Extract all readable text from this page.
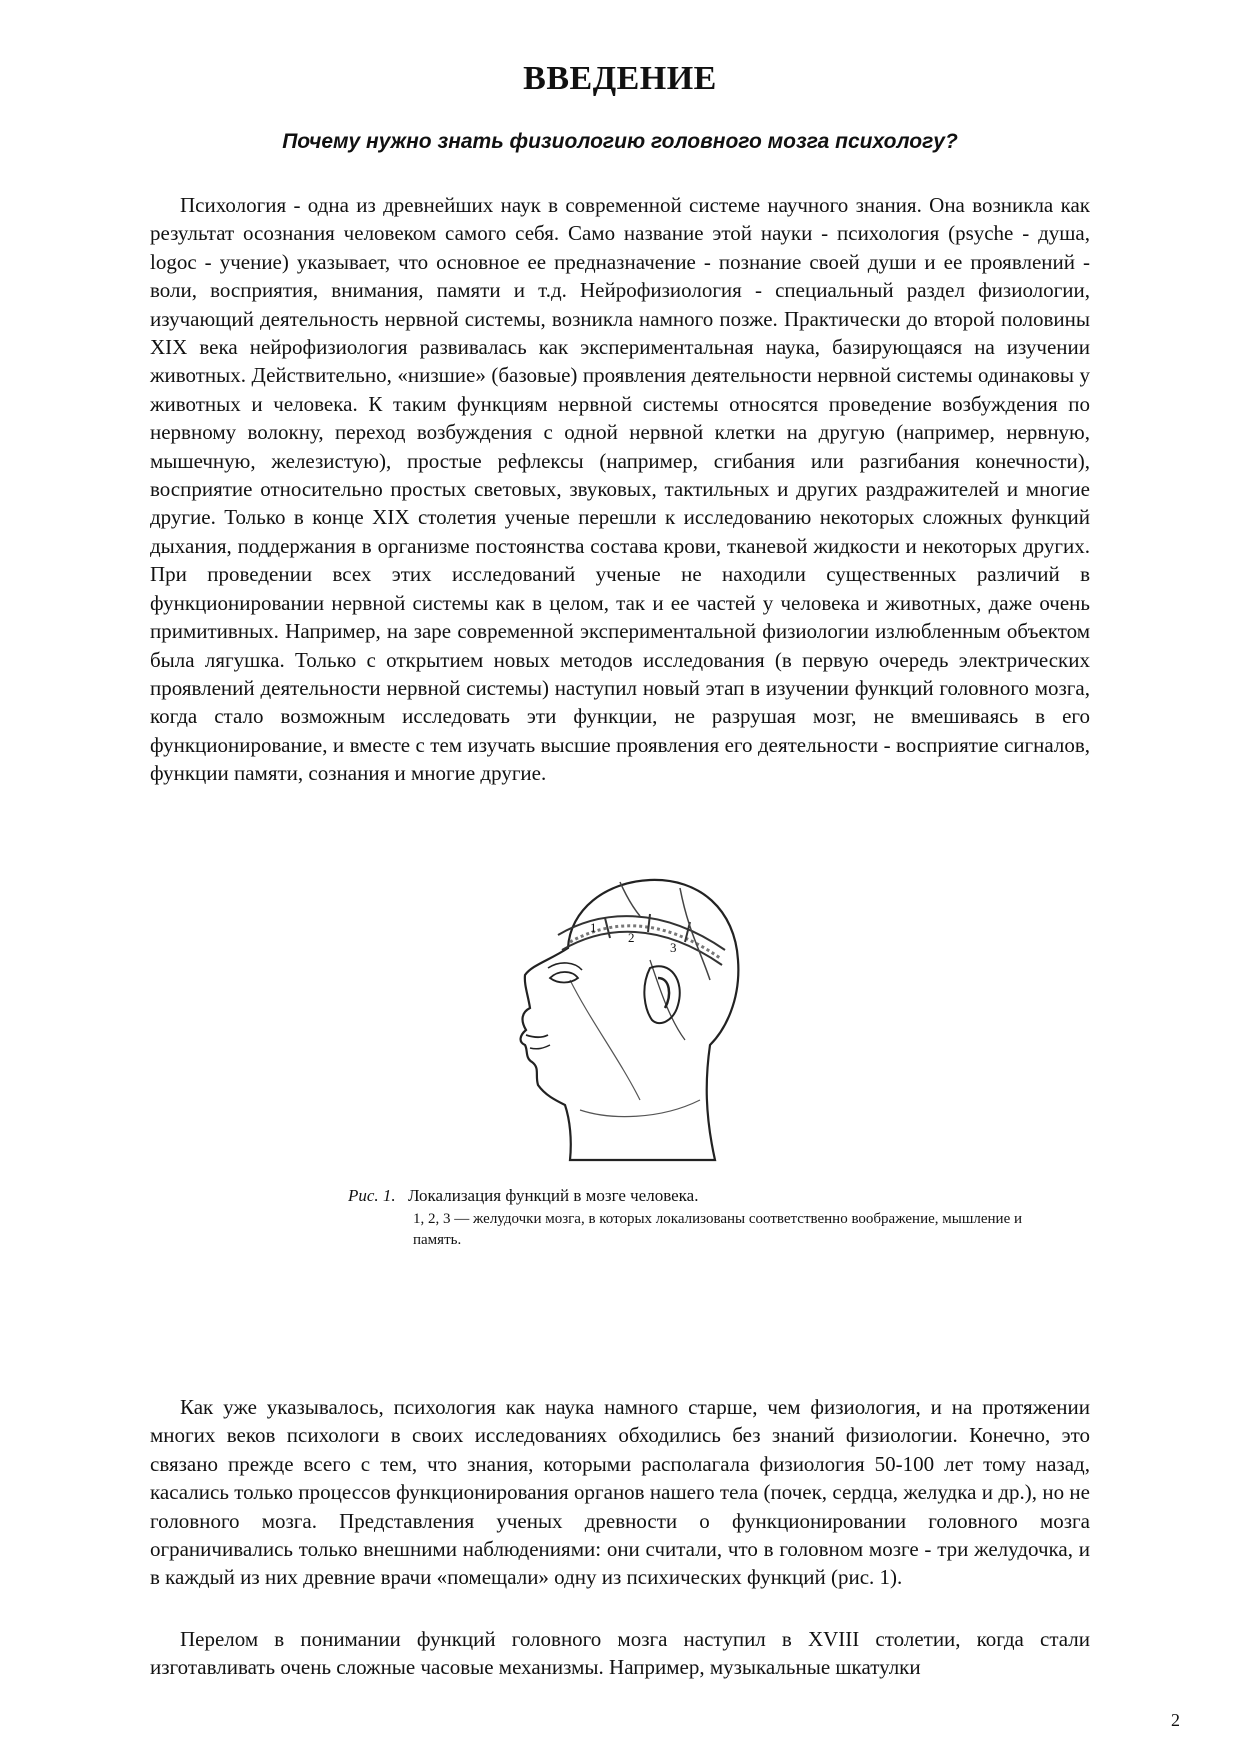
ВВЕДЕНИЕ
Почему нужно знать физиологию головного мозга психологу?

Психология - одна из древнейших наук в современной системе научного знания. Она возникла как результат осознания человеком самого себя. Само название этой науки - психология (psyche - душа, logoc - учение) указывает, что основное ее предназначение - познание своей души и ее проявлений - воли, восприятия, внимания, памяти и т.д. Нейрофизиология - специальный раздел физиологии, изучающий деятельность нервной системы, возникла намного позже. Практически до второй половины XIX века нейрофизиология развивалась как экспериментальная наука, базирующаяся на изучении животных. Действительно, «низшие» (базовые) проявления деятельности нервной системы одинаковы у животных и человека. К таким функциям нервной системы относятся проведение возбуждения по нервному волокну, переход возбуждения с одной нервной клетки на другую (например, нервную, мышечную, железистую), простые рефлексы (например, сгибания или разгибания конечности), восприятие относительно простых световых, звуковых, тактильных и других раздражителей и многие другие. Только в конце XIX столетия ученые перешли к исследованию некоторых сложных функций дыхания, поддержания в организме постоянства состава крови, тканевой жидкости и некоторых других. При проведении всех этих исследований ученые не находили существенных различий в функционировании нервной системы как в целом, так и ее частей у человека и животных, даже очень примитивных. Например, на заре современной экспериментальной физиологии излюбленным объектом была лягушка. Только с открытием новых методов исследования (в первую очередь электрических проявлений деятельности нервной системы) наступил новый этап в изучении функций головного мозга, когда стало возможным исследовать эти функции, не разрушая мозг, не вмешиваясь в его функционирование, и вместе с тем изучать высшие проявления его деятельности - восприятие сигналов, функции памяти, сознания и многие другие.

1
2
3

Рис. 1. Локализация функций в мозге человека.

1, 2, 3 — желудочки мозга, в которых локализованы соответственно воображение, мышление и память.

Как уже указывалось, психология как наука намного старше, чем физиология, и на протяжении многих веков психологи в своих исследованиях обходились без знаний физиологии. Конечно, это связано прежде всего с тем, что знания, которыми располагала физиология 50-100 лет тому назад, касались только процессов функционирования органов нашего тела (почек, сердца, желудка и др.), но не головного мозга. Представления ученых древности о функционировании головного мозга ограничивались только внешними наблюдениями: они считали, что в головном мозге - три желудочка, и в каждый из них древние врачи «помещали» одну из психических функций (рис. 1).

Перелом в понимании функций головного мозга наступил в XVIII столетии, когда стали изготавливать очень сложные часовые механизмы. Например, музыкальные шкатулки

2
